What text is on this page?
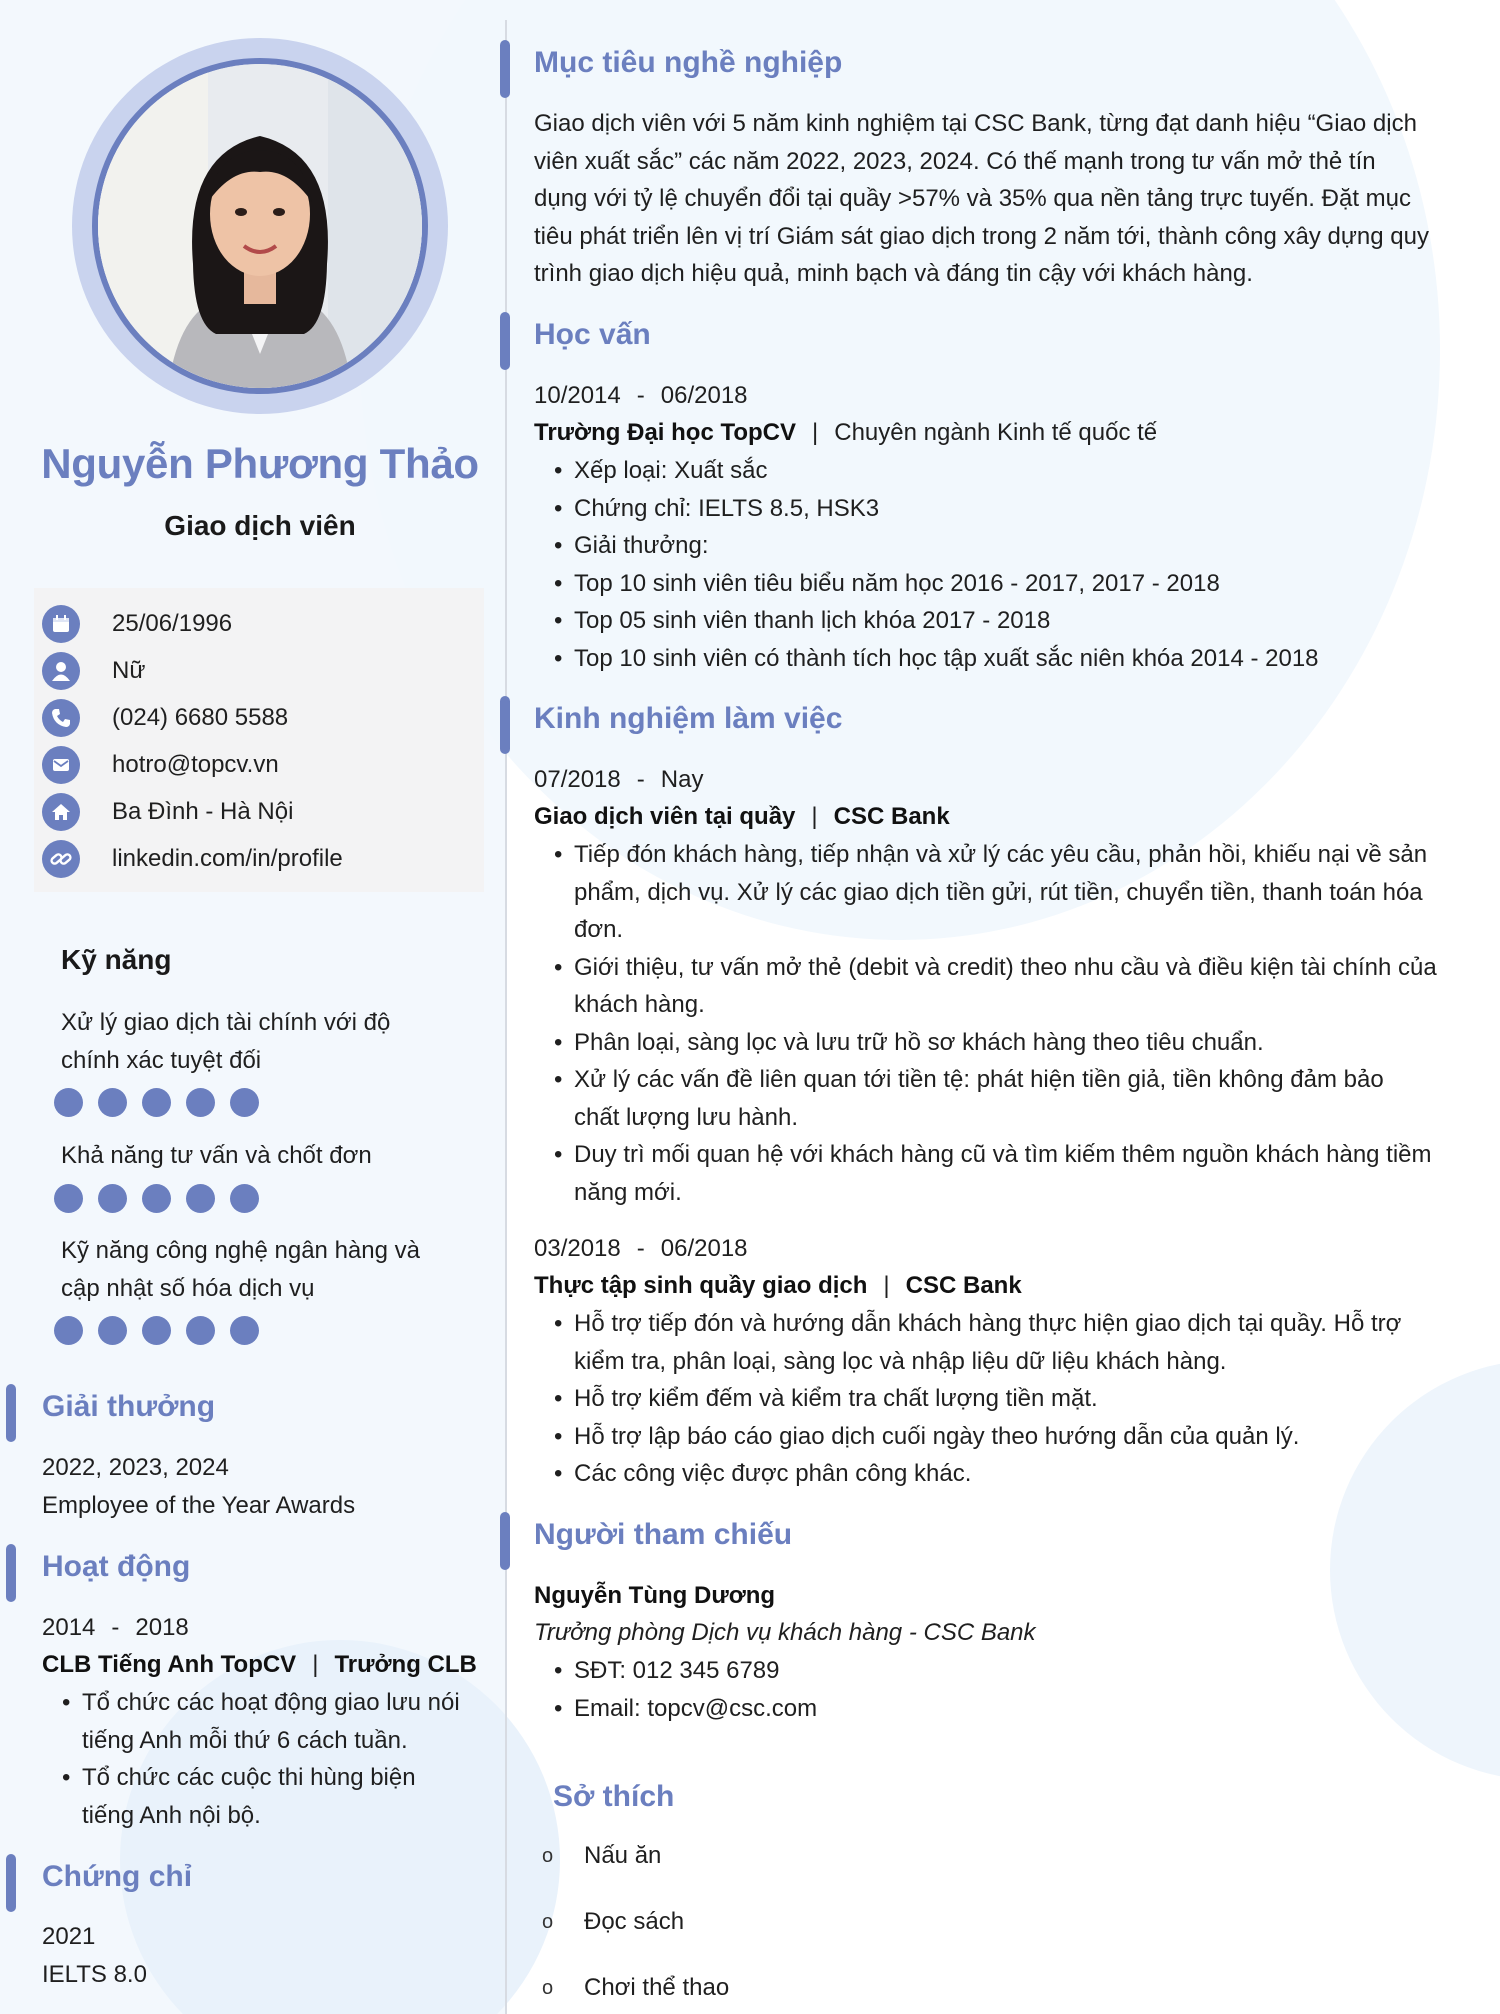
Nguyễn Phương Thảo
Giao dịch viên
25/06/1996
Nữ
(024) 6680 5588
hotro@topcv.vn
Ba Đình - Hà Nội
linkedin.com/in/profile
Kỹ năng
Xử lý giao dịch tài chính với độ
chính xác tuyệt đối
Khả năng tư vấn và chốt đơn
Kỹ năng công nghệ ngân hàng và
cập nhật số hóa dịch vụ
Giải thưởng
2022, 2023, 2024
Employee of the Year Awards
Hoạt động
2014 - 2018
CLB Tiếng Anh TopCV | Trưởng CLB
• Tổ chức các hoạt động giao lưu nói
tiếng Anh mỗi thứ 6 cách tuần.
• Tổ chức các cuộc thi hùng biện
tiếng Anh nội bộ.
Chứng chỉ
2021
IELTS 8.0
Mục tiêu nghề nghiệp
Giao dịch viên với 5 năm kinh nghiệm tại CSC Bank, từng đạt danh hiệu “Giao dịch
viên xuất sắc” các năm 2022, 2023, 2024. Có thế mạnh trong tư vấn mở thẻ tín
dụng với tỷ lệ chuyển đổi tại quầy >57% và 35% qua nền tảng trực tuyến. Đặt mục
tiêu phát triển lên vị trí Giám sát giao dịch trong 2 năm tới, thành công xây dựng quy
trình giao dịch hiệu quả, minh bạch và đáng tin cậy với khách hàng.
Học vấn
10/2014 - 06/2018
Trường Đại học TopCV | Chuyên ngành Kinh tế quốc tế
• Xếp loại: Xuất sắc
• Chứng chỉ: IELTS 8.5, HSK3
• Giải thưởng:
• Top 10 sinh viên tiêu biểu năm học 2016 - 2017, 2017 - 2018
• Top 05 sinh viên thanh lịch khóa 2017 - 2018
• Top 10 sinh viên có thành tích học tập xuất sắc niên khóa 2014 - 2018
Kinh nghiệm làm việc
07/2018 - Nay
Giao dịch viên tại quầy | CSC Bank
• Tiếp đón khách hàng, tiếp nhận và xử lý các yêu cầu, phản hồi, khiếu nại về sản
phẩm, dịch vụ. Xử lý các giao dịch tiền gửi, rút tiền, chuyển tiền, thanh toán hóa
đơn.
• Giới thiệu, tư vấn mở thẻ (debit và credit) theo nhu cầu và điều kiện tài chính của
khách hàng.
• Phân loại, sàng lọc và lưu trữ hồ sơ khách hàng theo tiêu chuẩn.
• Xử lý các vấn đề liên quan tới tiền tệ: phát hiện tiền giả, tiền không đảm bảo
chất lượng lưu hành.
• Duy trì mối quan hệ với khách hàng cũ và tìm kiếm thêm nguồn khách hàng tiềm
năng mới.
03/2018 - 06/2018
Thực tập sinh quầy giao dịch | CSC Bank
• Hỗ trợ tiếp đón và hướng dẫn khách hàng thực hiện giao dịch tại quầy. Hỗ trợ
kiểm tra, phân loại, sàng lọc và nhập liệu dữ liệu khách hàng.
• Hỗ trợ kiểm đếm và kiểm tra chất lượng tiền mặt.
• Hỗ trợ lập báo cáo giao dịch cuối ngày theo hướng dẫn của quản lý.
• Các công việc được phân công khác.
Người tham chiếu
Nguyễn Tùng Dương
Trưởng phòng Dịch vụ khách hàng - CSC Bank
• SĐT: 012 345 6789
• Email: topcv@csc.com
Sở thích
o	Nấu ăn
o	Đọc sách
o	Chơi thể thao
